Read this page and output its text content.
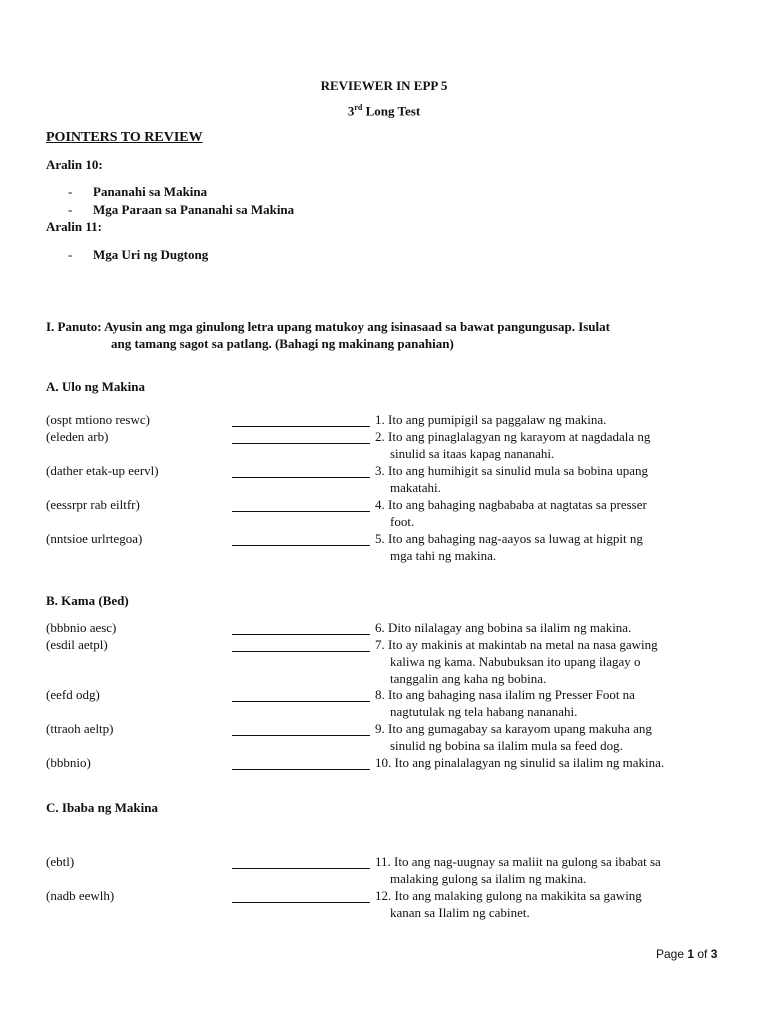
REVIEWER IN EPP 5
3rd Long Test
POINTERS TO REVIEW
Aralin 10:
- Pananahi sa Makina
- Mga Paraan sa Pananahi sa Makina
Aralin 11:
- Mga Uri ng Dugtong
I. Panuto: Ayusin ang mga ginulong letra upang matukoy ang isinasaad sa bawat pangungusap. Isulat
ang tamang sagot sa patlang. (Bahagi ng makinang panahian)
A. Ulo ng Makina
(ospt mtiono reswc)	1. Ito ang pumipigil sa paggalaw ng makina.
(eleden arb)	2. Ito ang pinaglalagyan ng karayom at nagdadala ng
sinulid sa itaas kapag nananahi.
(dather etak-up eervl)	3. Ito ang humihigit sa sinulid mula sa bobina upang
makatahi.
(eessrpr rab eiltfr)	4. Ito ang bahaging nagbababa at nagtatas sa presser
foot.
(nntsioe urlrtegoa)	5. Ito ang bahaging nag-aayos sa luwag at higpit ng
mga tahi ng makina.
(bbbnio aesc)	6. Dito nilalagay ang bobina sa ilalim ng makina.
(esdil aetpl)	7. Ito ay makinis at makintab na metal na nasa gawing
kaliwa ng kama. Nabubuksan ito upang ilagay o
tanggalin ang kaha ng bobina.
(eefd odg)	8. Ito ang bahaging nasa ilalim ng Presser Foot na
nagtutulak ng tela habang nananahi.
(ttraoh aeltp)	9. Ito ang gumagabay sa karayom upang makuha ang
sinulid ng bobina sa ilalim mula sa feed dog.
(bbbnio)	10. Ito ang pinalalagyan ng sinulid sa ilalim ng makina.
(ebtl)	11. Ito ang nag-uugnay sa maliit na gulong sa ibabat sa
malaking gulong sa ilalim ng makina.
(nadb eewlh)	12. Ito ang malaking gulong na makikita sa gawing
kanan sa Ilalim ng cabinet.
B. Kama (Bed)
C. Ibaba ng Makina
Page 1 of 3
